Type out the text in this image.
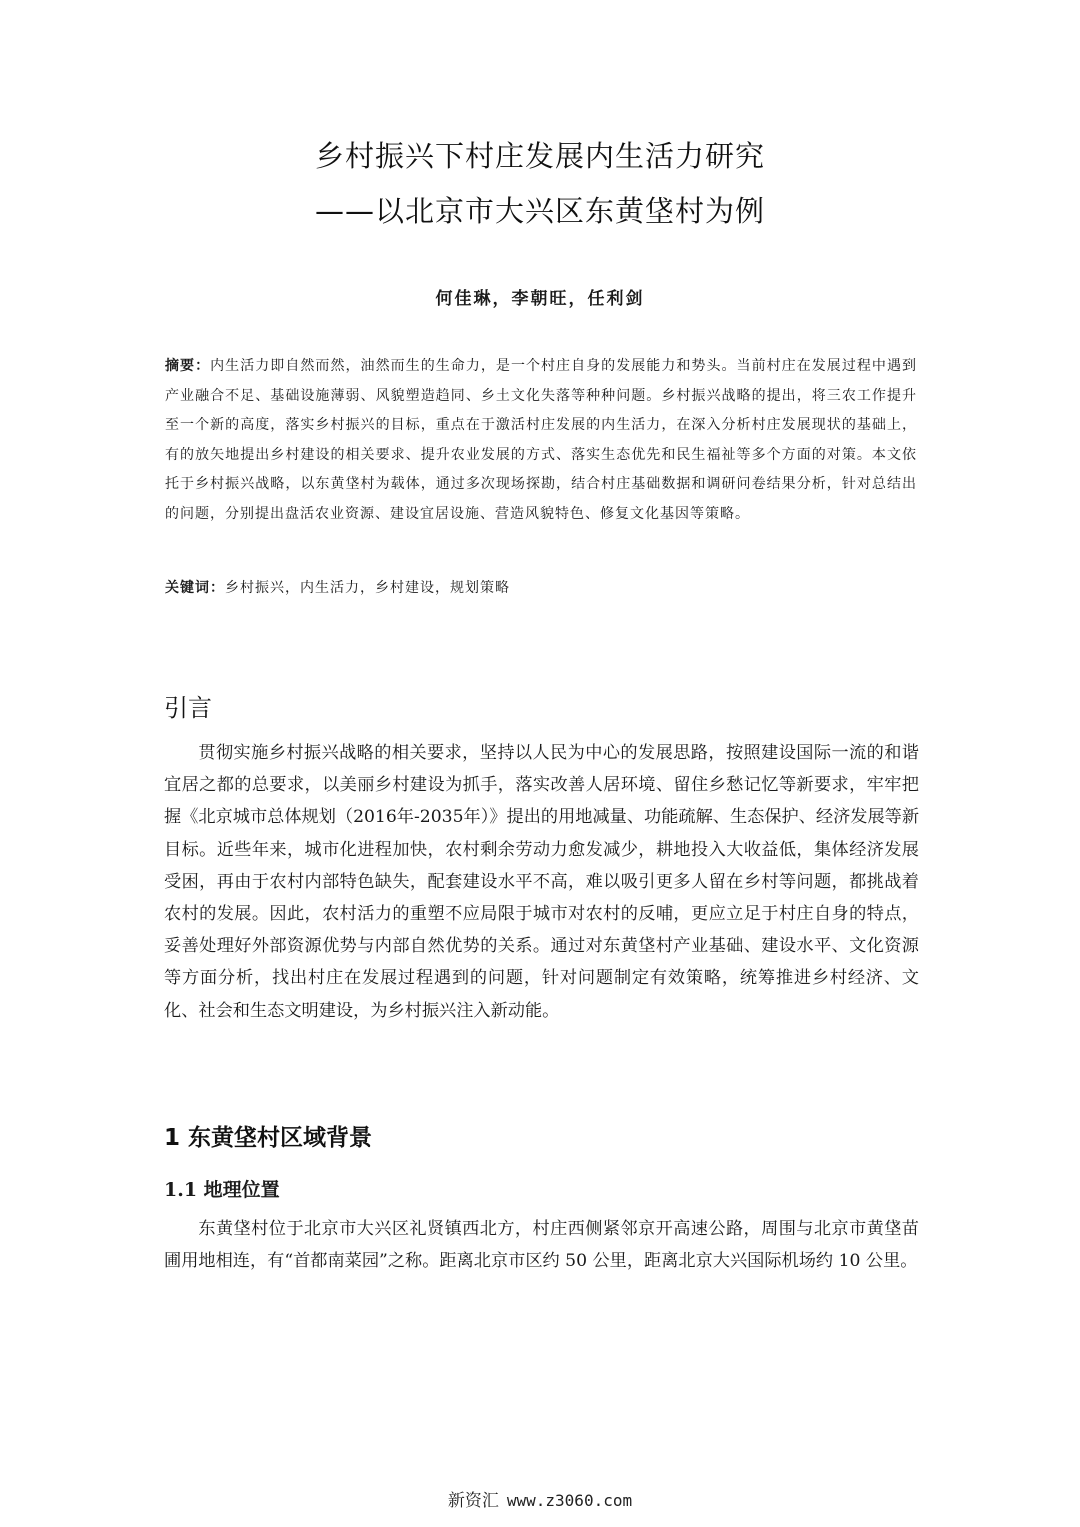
乡村振兴下村庄发展内生活力研究
——以北京市大兴区东黄垡村为例
何佳琳，李朝旺，任利剑

摘要：内生活力即自然而然，油然而生的生命力，是一个村庄自身的发展能力和势头。当前村庄在发展过程中遇到产业融合不足、基础设施薄弱、风貌塑造趋同、乡土文化失落等种种问题。乡村振兴战略的提出，将三农工作提升至一个新的高度，落实乡村振兴的目标，重点在于激活村庄发展的内生活力，在深入分析村庄发展现状的基础上，有的放矢地提出乡村建设的相关要求、提升农业发展的方式、落实生态优先和民生福祉等多个方面的对策。本文依托于乡村振兴战略，以东黄垡村为载体，通过多次现场探勘，结合村庄基础数据和调研问卷结果分析，针对总结出的问题，分别提出盘活农业资源、建设宜居设施、营造风貌特色、修复文化基因等策略。

关键词：乡村振兴，内生活力，乡村建设，规划策略
引言

贯彻实施乡村振兴战略的相关要求，坚持以人民为中心的发展思路，按照建设国际一流的和谐宜居之都的总要求，以美丽乡村建设为抓手，落实改善人居环境、留住乡愁记忆等新要求，牢牢把握《北京城市总体规划（2016年-2035年）》提出的用地减量、功能疏解、生态保护、经济发展等新目标。近些年来，城市化进程加快，农村剩余劳动力愈发减少，耕地投入大收益低，集体经济发展受困，再由于农村内部特色缺失，配套建设水平不高，难以吸引更多人留在乡村等问题，都挑战着农村的发展。因此，农村活力的重塑不应局限于城市对农村的反哺，更应立足于村庄自身的特点，妥善处理好外部资源优势与内部自然优势的关系。通过对东黄垡村产业基础、建设水平、文化资源等方面分析，找出村庄在发展过程遇到的问题，针对问题制定有效策略，统筹推进乡村经济、文化、社会和生态文明建设，为乡村振兴注入新动能。

1 东黄垡村区域背景
1.1 地理位置

东黄垡村位于北京市大兴区礼贤镇西北方，村庄西侧紧邻京开高速公路，周围与北京市黄垡苗圃用地相连，有“首都南菜园”之称。距离北京市区约 50 公里，距离北京大兴国际机场约 10 公里。

新资汇 www.z3060.com
